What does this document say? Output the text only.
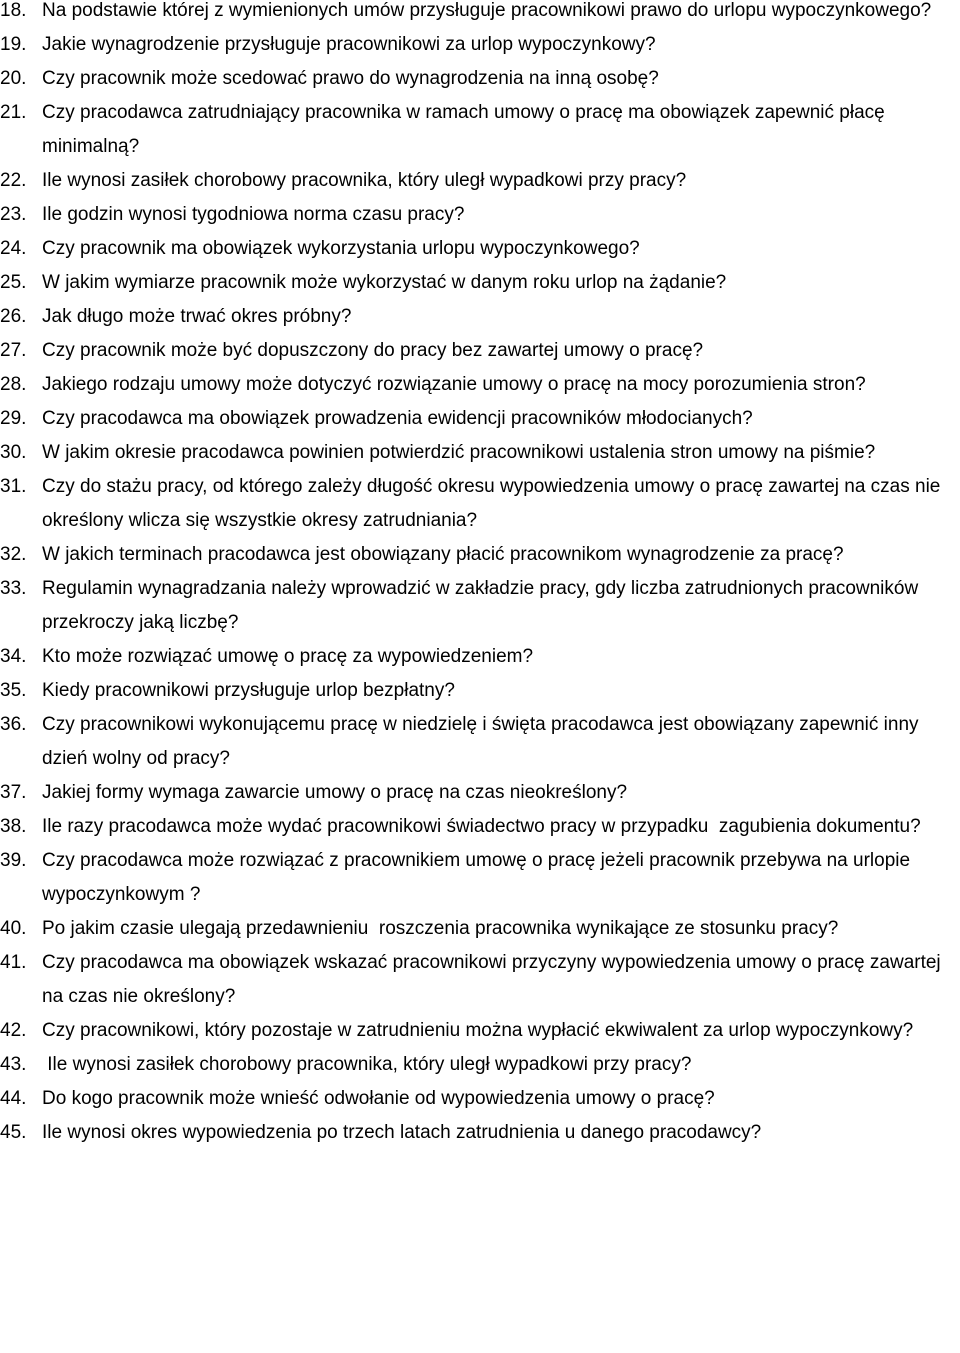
18. Na podstawie której z wymienionych umów przysługuje pracownikowi prawo do urlopu wypoczynkowego?
19. Jakie wynagrodzenie przysługuje pracownikowi za urlop wypoczynkowy?
20. Czy pracownik może scedować prawo do wynagrodzenia na inną osobę?
21. Czy pracodawca zatrudniający pracownika w ramach umowy o pracę ma obowiązek zapewnić płacę minimalną?
22. Ile wynosi zasiłek chorobowy pracownika, który uległ wypadkowi przy pracy?
23. Ile godzin wynosi tygodniowa norma czasu pracy?
24. Czy pracownik ma obowiązek wykorzystania urlopu wypoczynkowego?
25. W jakim wymiarze pracownik może wykorzystać w danym roku urlop na żądanie?
26. Jak długo może trwać okres próbny?
27. Czy pracownik może być dopuszczony do pracy bez zawartej umowy o pracę?
28. Jakiego rodzaju umowy może dotyczyć rozwiązanie umowy o pracę na mocy porozumienia stron?
29. Czy pracodawca ma obowiązek prowadzenia ewidencji pracowników młodocianych?
30. W jakim okresie pracodawca powinien potwierdzić pracownikowi ustalenia stron umowy na piśmie?
31. Czy do stażu pracy, od którego zależy długość okresu wypowiedzenia umowy o pracę zawartej na czas nie określony wlicza się wszystkie okresy zatrudniania?
32. W jakich terminach pracodawca jest obowiązany płacić pracownikom wynagrodzenie za pracę?
33. Regulamin wynagradzania należy wprowadzić w zakładzie pracy, gdy liczba zatrudnionych pracowników przekroczy jaką liczbę?
34. Kto może rozwiązać umowę o pracę za wypowiedzeniem?
35. Kiedy pracownikowi przysługuje urlop bezpłatny?
36. Czy pracownikowi wykonującemu pracę w niedzielę i święta pracodawca jest obowiązany zapewnić inny dzień wolny od pracy?
37. Jakiej formy wymaga zawarcie umowy o pracę na czas nieokreślony?
38. Ile razy pracodawca może wydać pracownikowi świadectwo pracy w przypadku  zagubienia dokumentu?
39. Czy pracodawca może rozwiązać z pracownikiem umowę o pracę jeżeli pracownik przebywa na urlopie wypoczynkowym ?
40. Po jakim czasie ulegają przedawnieniu  roszczenia pracownika wynikające ze stosunku pracy?
41. Czy pracodawca ma obowiązek wskazać pracownikowi przyczyny wypowiedzenia umowy o pracę zawartej na czas nie określony?
42. Czy pracownikowi, który pozostaje w zatrudnieniu można wypłacić ekwiwalent za urlop wypoczynkowy?
43. Ile wynosi zasiłek chorobowy pracownika, który uległ wypadkowi przy pracy?
44. Do kogo pracownik może wnieść odwołanie od wypowiedzenia umowy o pracę?
45. Ile wynosi okres wypowiedzenia po trzech latach zatrudnienia u danego pracodawcy?
